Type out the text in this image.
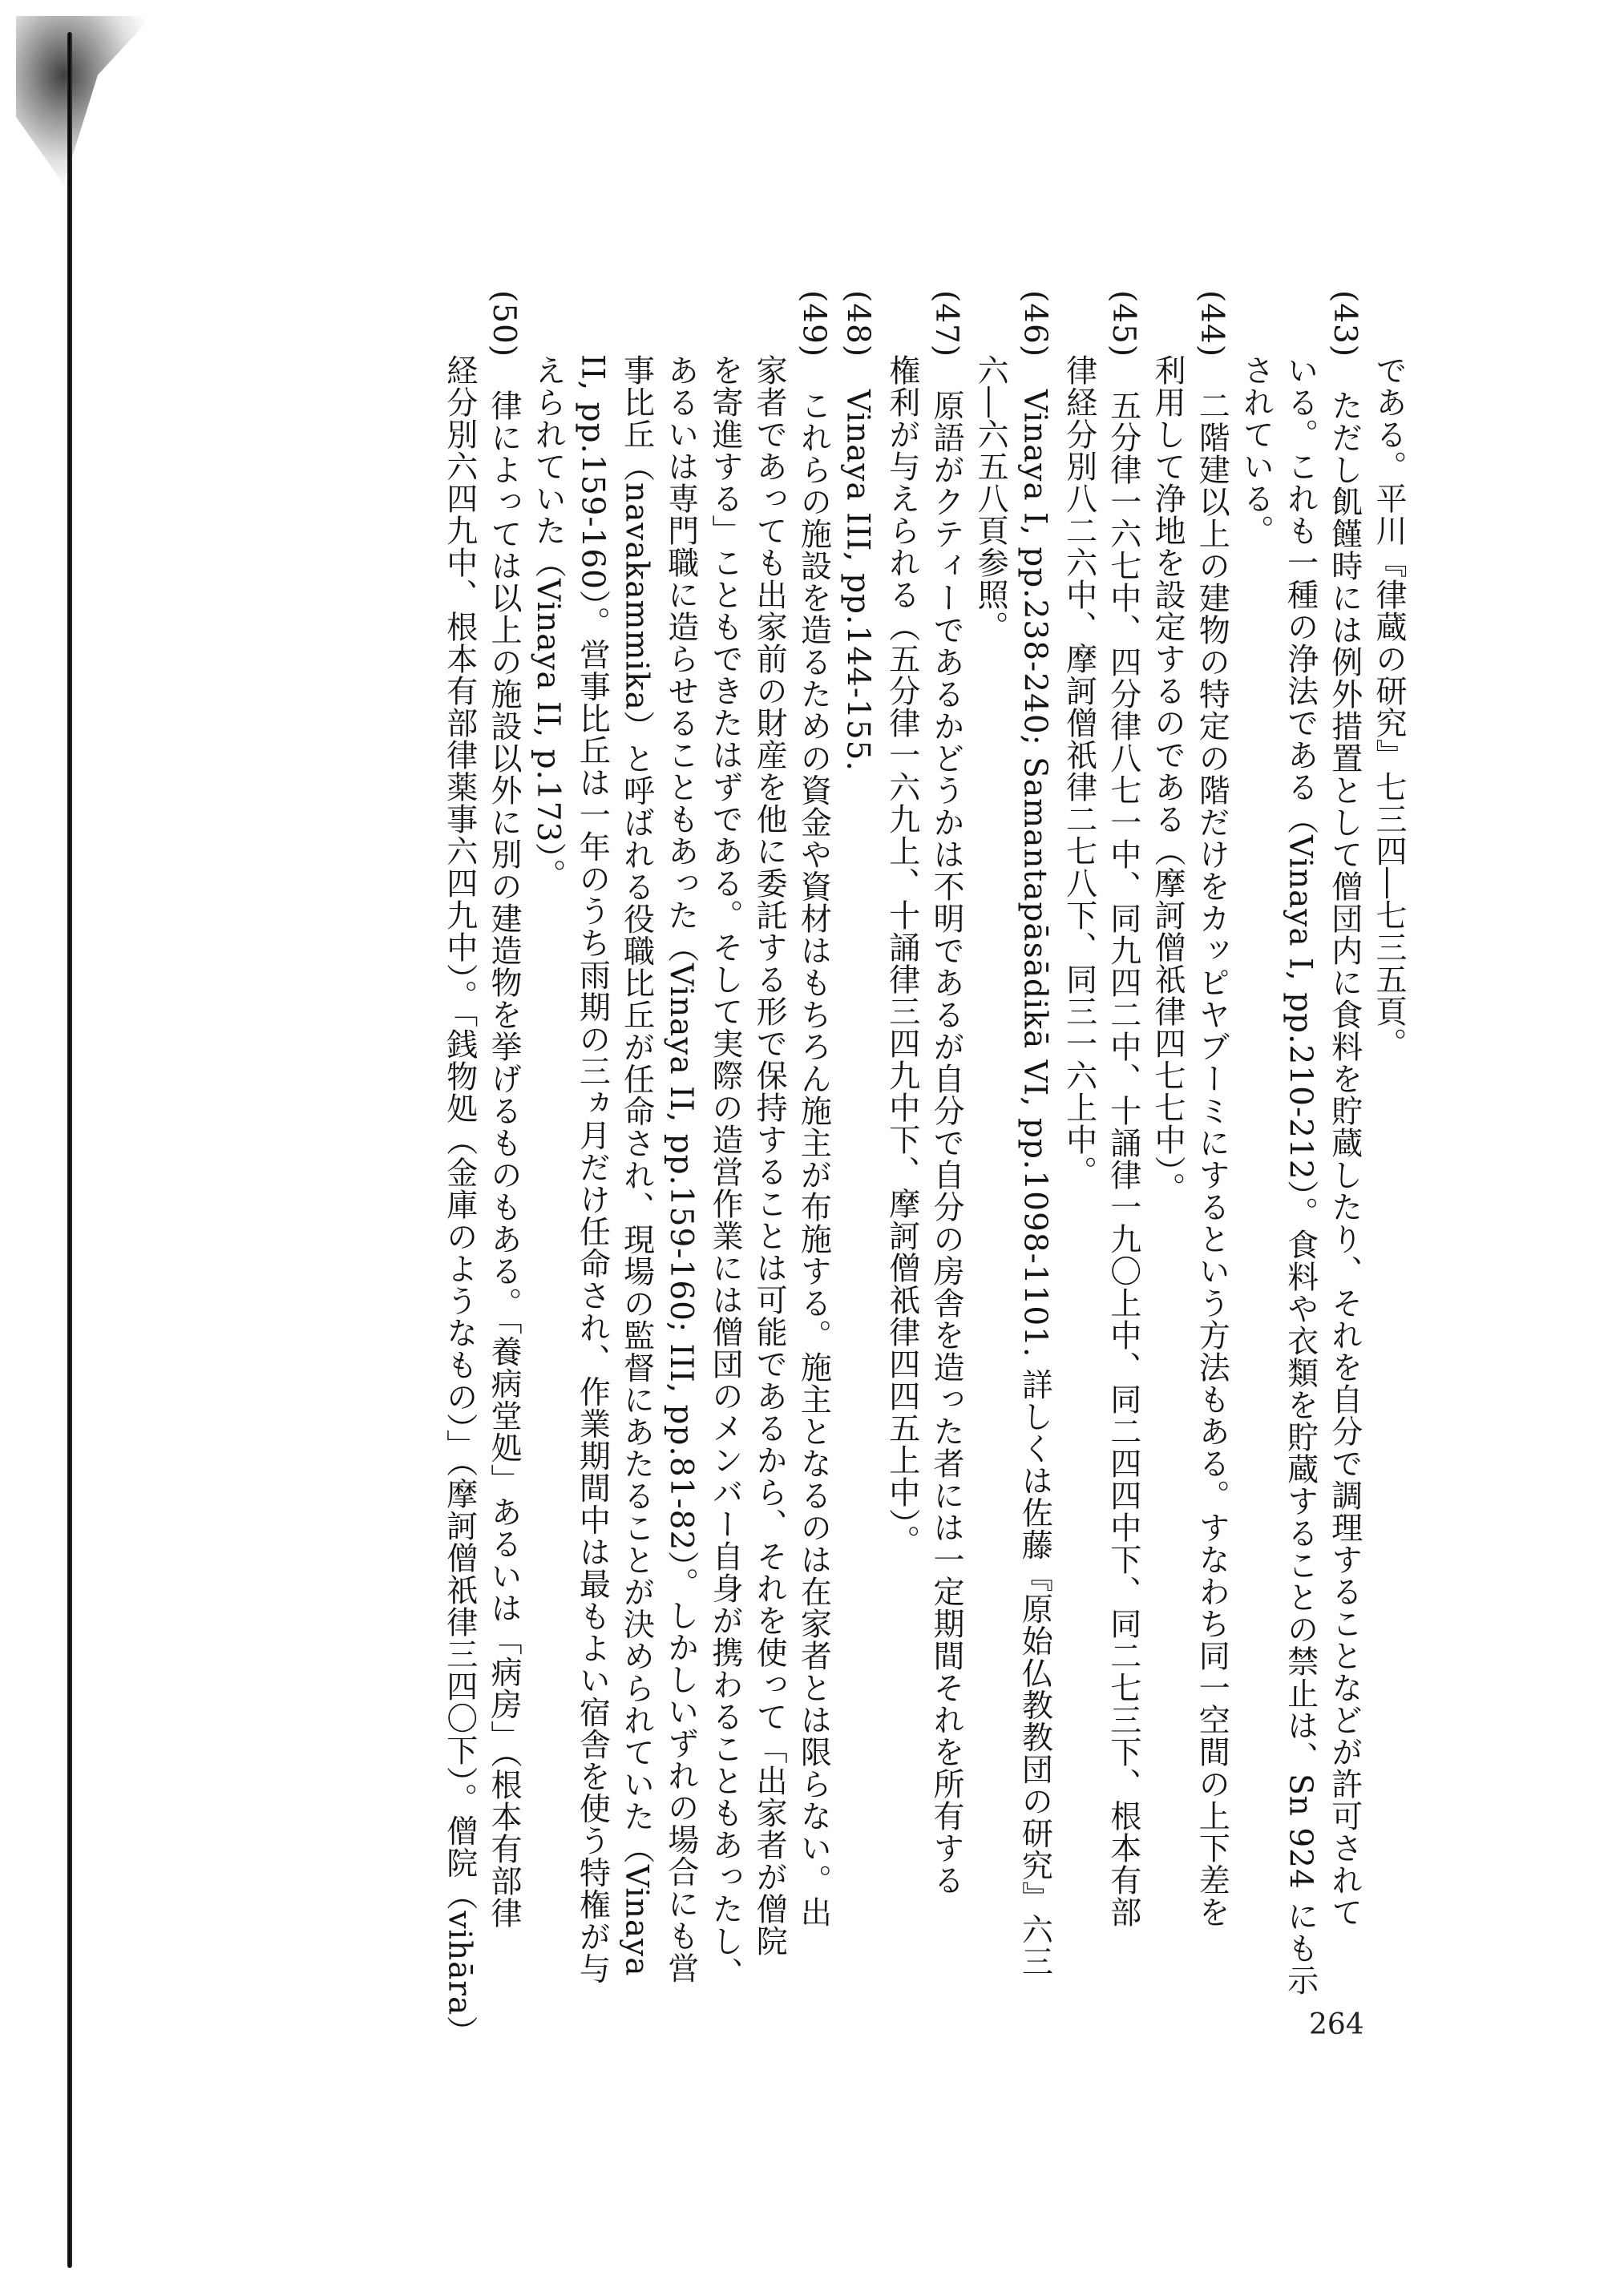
である。平川『律蔵の研究』七三四―七三五頁。
(43)　ただし飢饉時には例外措置として僧団内に食料を貯蔵したり、それを自分で調理することなどが許可されて
いる。これも一種の浄法である（Vinaya I, pp.210-212）。食料や衣類を貯蔵することの禁止は、Sn 924 にも示
されている。
(44)　二階建以上の建物の特定の階だけをカッピヤブーミにするという方法もある。すなわち同一空間の上下差を
利用して浄地を設定するのである（摩訶僧祇律四七七中）。
(45)　五分律一六七中、四分律八七一中、同九四二中、十誦律一九〇上中、同二四四中下、同二七三下、根本有部
律経分別八二六中、摩訶僧祇律二七八下、同三一六上中。
(46)　Vinaya I, pp.238-240; Samantapāsādikā VI, pp.1098-1101. 詳しくは佐藤『原始仏教教団の研究』六三
六―六五八頁参照。
(47)　原語がクティーであるかどうかは不明であるが自分で自分の房舎を造った者には一定期間それを所有する
権利が与えられる（五分律一六九上、十誦律三四九中下、摩訶僧祇律四四五上中）。
(48)　Vinaya III, pp.144-155.
(49)　これらの施設を造るための資金や資材はもちろん施主が布施する。施主となるのは在家者とは限らない。出
家者であっても出家前の財産を他に委託する形で保持することは可能であるから、それを使って「出家者が僧院
を寄進する」こともできたはずである。そして実際の造営作業には僧団のメンバー自身が携わることもあったし、
あるいは専門職に造らせることもあった（Vinaya II, pp.159-160; III, pp.81-82）。しかしいずれの場合にも営
事比丘（navakammika）と呼ばれる役職比丘が任命され、現場の監督にあたることが決められていた（Vinaya
II, pp.159-160）。営事比丘は一年のうち雨期の三ヵ月だけ任命され、作業期間中は最もよい宿舎を使う特権が与
えられていた（Vinaya II, p.173）。
(50)　律によっては以上の施設以外に別の建造物を挙げるものもある。「養病堂処」あるいは「病房」（根本有部律
経分別六四九中、根本有部律薬事六四九中）。「銭物処（金庫のようなもの）」（摩訶僧祇律三四〇下）。僧院（vihāra）	264
